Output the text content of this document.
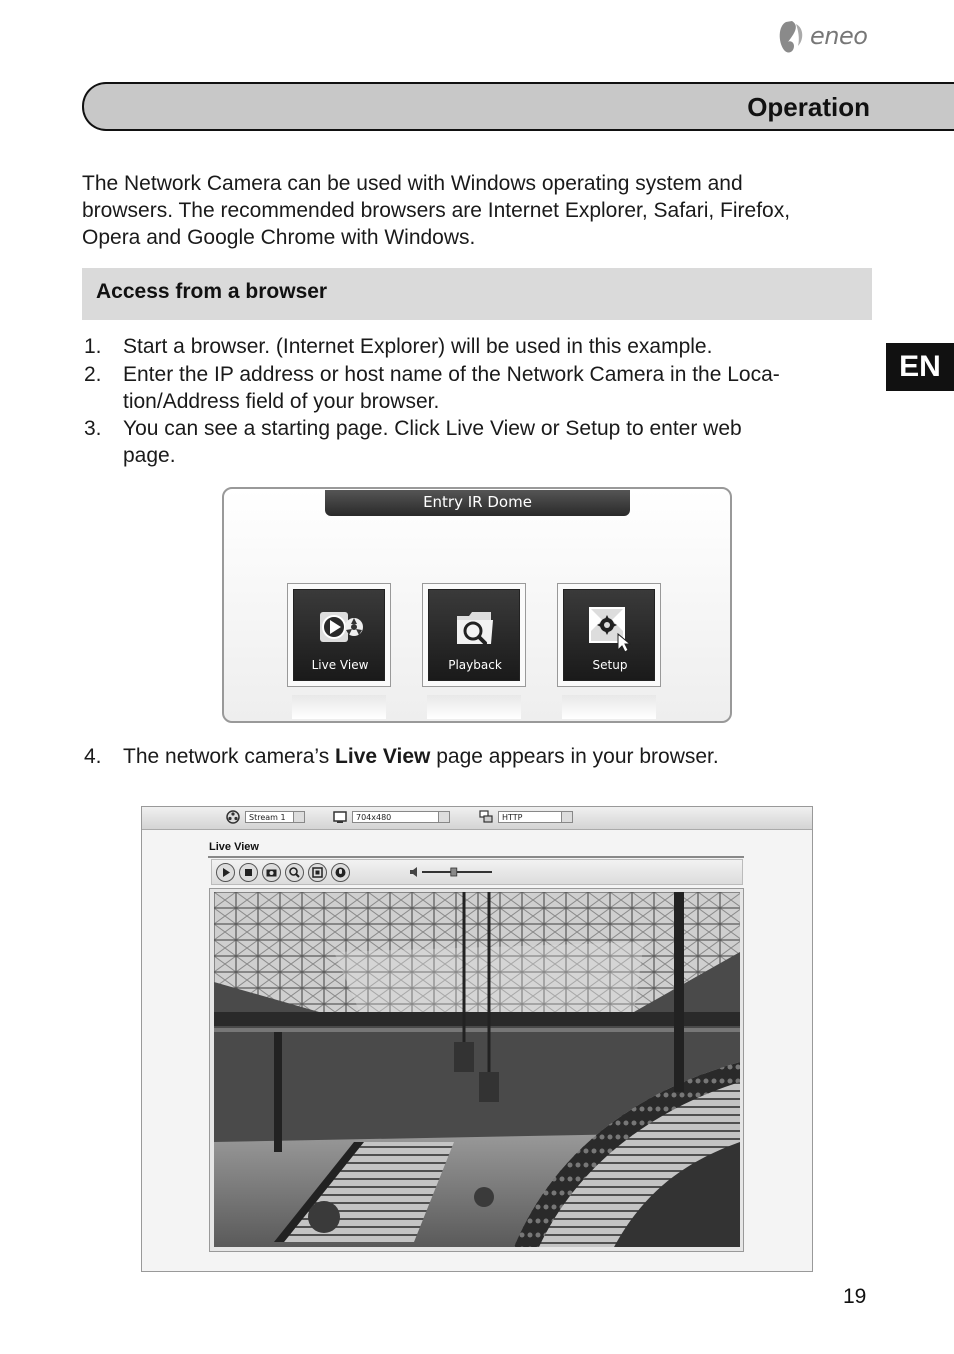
eneo
Operation
The Network Camera can be used with Windows operating system and
browsers. The recommended browsers are Internet Explorer, Safari, Firefox,
Opera and Google Chrome with Windows.
Access from a browser
EN
1. Start a browser. (Internet Explorer) will be used in this example.
2. Enter the IP address or host name of the Network Camera in the Loca-
tion/Address field of your browser.
3. You can see a starting page. Click Live View or Setup to enter web
page.
Entry IR Dome
Live View	Playback	Setup
4. The network camera’s Live View page appears in your browser.
Stream 1	704x480	HTTP
Live View
19
